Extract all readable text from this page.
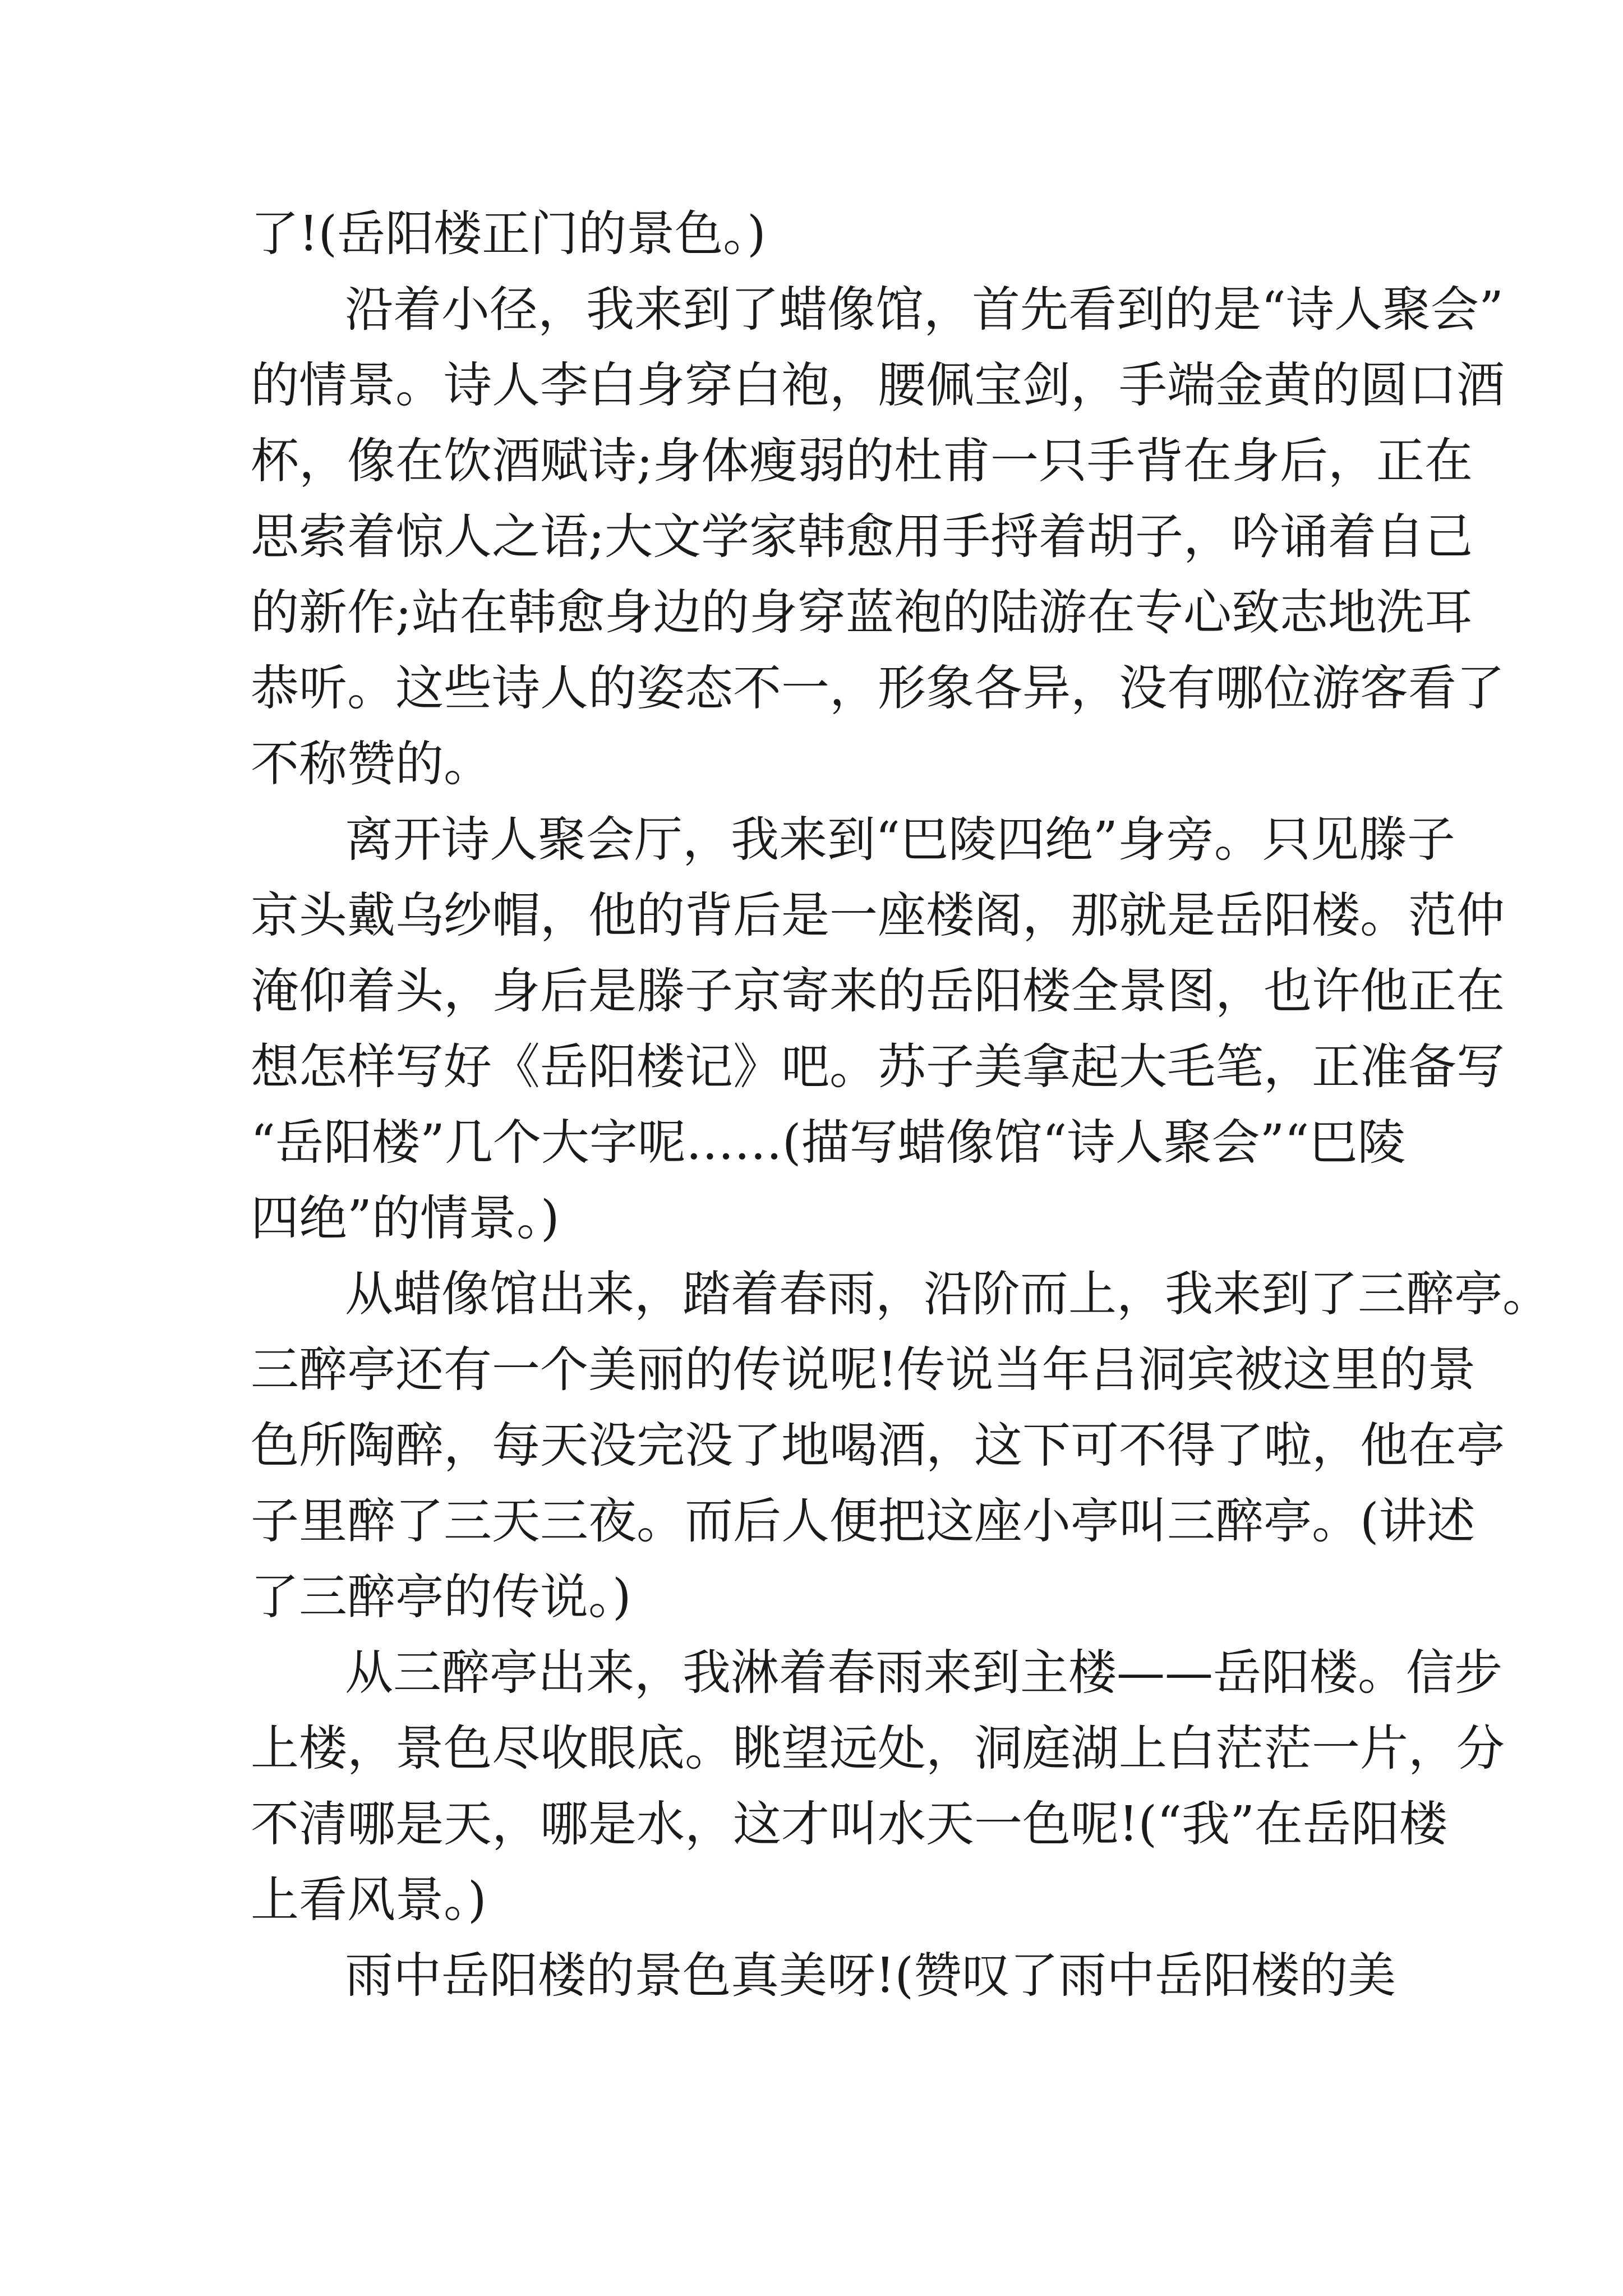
了!(岳阳楼正门的景色。)
沿着小径，我来到了蜡像馆，首先看到的是“诗人聚会”
的情景。诗人李白身穿白袍，腰佩宝剑，手端金黄的圆口酒
杯，像在饮酒赋诗;身体瘦弱的杜甫一只手背在身后，正在
思索着惊人之语;大文学家韩愈用手捋着胡子，吟诵着自己
的新作;站在韩愈身边的身穿蓝袍的陆游在专心致志地洗耳
恭听。这些诗人的姿态不一，形象各异，没有哪位游客看了
不称赞的。
离开诗人聚会厅，我来到“巴陵四绝”身旁。只见滕子
京头戴乌纱帽，他的背后是一座楼阁，那就是岳阳楼。范仲
淹仰着头，身后是滕子京寄来的岳阳楼全景图，也许他正在
想怎样写好《岳阳楼记》吧。苏子美拿起大毛笔，正准备写
“岳阳楼”几个大字呢……(描写蜡像馆“诗人聚会”“巴陵
四绝”的情景。)
从蜡像馆出来，踏着春雨，沿阶而上，我来到了三醉亭。
三醉亭还有一个美丽的传说呢!传说当年吕洞宾被这里的景
色所陶醉，每天没完没了地喝酒，这下可不得了啦，他在亭
子里醉了三天三夜。而后人便把这座小亭叫三醉亭。(讲述
了三醉亭的传说。)
从三醉亭出来，我淋着春雨来到主楼——岳阳楼。信步
上楼，景色尽收眼底。眺望远处，洞庭湖上白茫茫一片，分
不清哪是天，哪是水，这才叫水天一色呢!(“我”在岳阳楼
上看风景。)
雨中岳阳楼的景色真美呀!(赞叹了雨中岳阳楼的美
